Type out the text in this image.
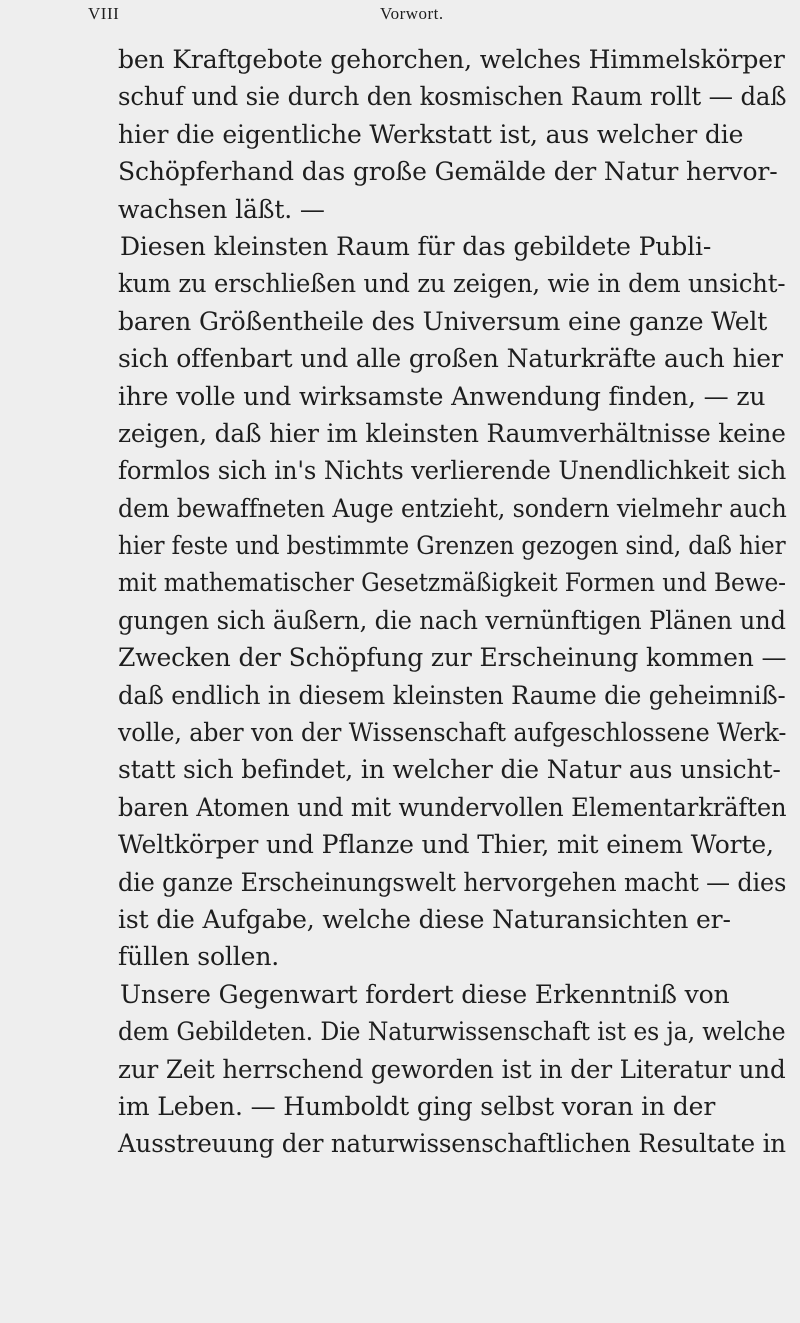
VIII	Vorwort.
ben Kraftgebote gehorchen, welches Himmelskörper
schuf und sie durch den kosmischen Raum rollt — daß
hier die eigentliche Werkstatt ist, aus welcher die
Schöpferhand das große Gemälde der Natur hervor-
wachsen läßt. —
Diesen kleinsten Raum für das gebildete Publi-
kum zu erschließen und zu zeigen, wie in dem unsicht-
baren Größentheile des Universum eine ganze Welt
sich offenbart und alle großen Naturkräfte auch hier
ihre volle und wirksamste Anwendung finden, — zu
zeigen, daß hier im kleinsten Raumverhältnisse keine
formlos sich in's Nichts verlierende Unendlichkeit sich
dem bewaffneten Auge entzieht, sondern vielmehr auch
hier feste und bestimmte Grenzen gezogen sind, daß hier
mit mathematischer Gesetzmäßigkeit Formen und Bewe-
gungen sich äußern, die nach vernünftigen Plänen und
Zwecken der Schöpfung zur Erscheinung kommen —
daß endlich in diesem kleinsten Raume die geheimniß-
volle, aber von der Wissenschaft aufgeschlossene Werk-
statt sich befindet, in welcher die Natur aus unsicht-
baren Atomen und mit wundervollen Elementarkräften
Weltkörper und Pflanze und Thier, mit einem Worte,
die ganze Erscheinungswelt hervorgehen macht — dies
ist die Aufgabe, welche diese Naturansichten er-
füllen sollen.
Unsere Gegenwart fordert diese Erkenntniß von
dem Gebildeten. Die Naturwissenschaft ist es ja, welche
zur Zeit herrschend geworden ist in der Literatur und
im Leben. — Humboldt ging selbst voran in der
Ausstreuung der naturwissenschaftlichen Resultate in
